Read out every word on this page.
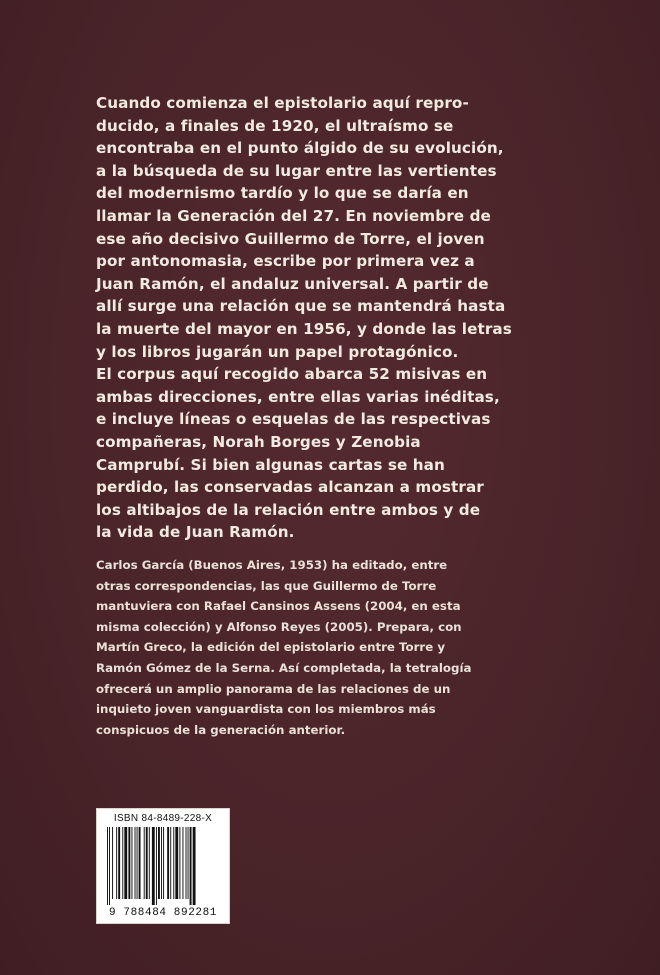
Cuando comienza el epistolario aquí repro-
ducido, a finales de 1920, el ultraísmo se
encontraba en el punto álgido de su evolución,
a la búsqueda de su lugar entre las vertientes
del modernismo tardío y lo que se daría en
llamar la Generación del 27. En noviembre de
ese año decisivo Guillermo de Torre, el joven
por antonomasia, escribe por primera vez a
Juan Ramón, el andaluz universal. A partir de
allí surge una relación que se mantendrá hasta
la muerte del mayor en 1956, y donde las letras
y los libros jugarán un papel protagónico.
El corpus aquí recogido abarca 52 misivas en
ambas direcciones, entre ellas varias inéditas,
e incluye líneas o esquelas de las respectivas
compañeras, Norah Borges y Zenobia
Camprubí. Si bien algunas cartas se han
perdido, las conservadas alcanzan a mostrar
los altibajos de la relación entre ambos y de
la vida de Juan Ramón.
Carlos García (Buenos Aires, 1953) ha editado, entre
otras correspondencias, las que Guillermo de Torre
mantuviera con Rafael Cansinos Assens (2004, en esta
misma colección) y Alfonso Reyes (2005). Prepara, con
Martín Greco, la edición del epistolario entre Torre y
Ramón Gómez de la Serna. Así completada, la tetralogía
ofrecerá un amplio panorama de las relaciones de un
inquieto joven vanguardista con los miembros más
conspicuos de la generación anterior.
ISBN 84-8489-228-X
9 788484 892281
